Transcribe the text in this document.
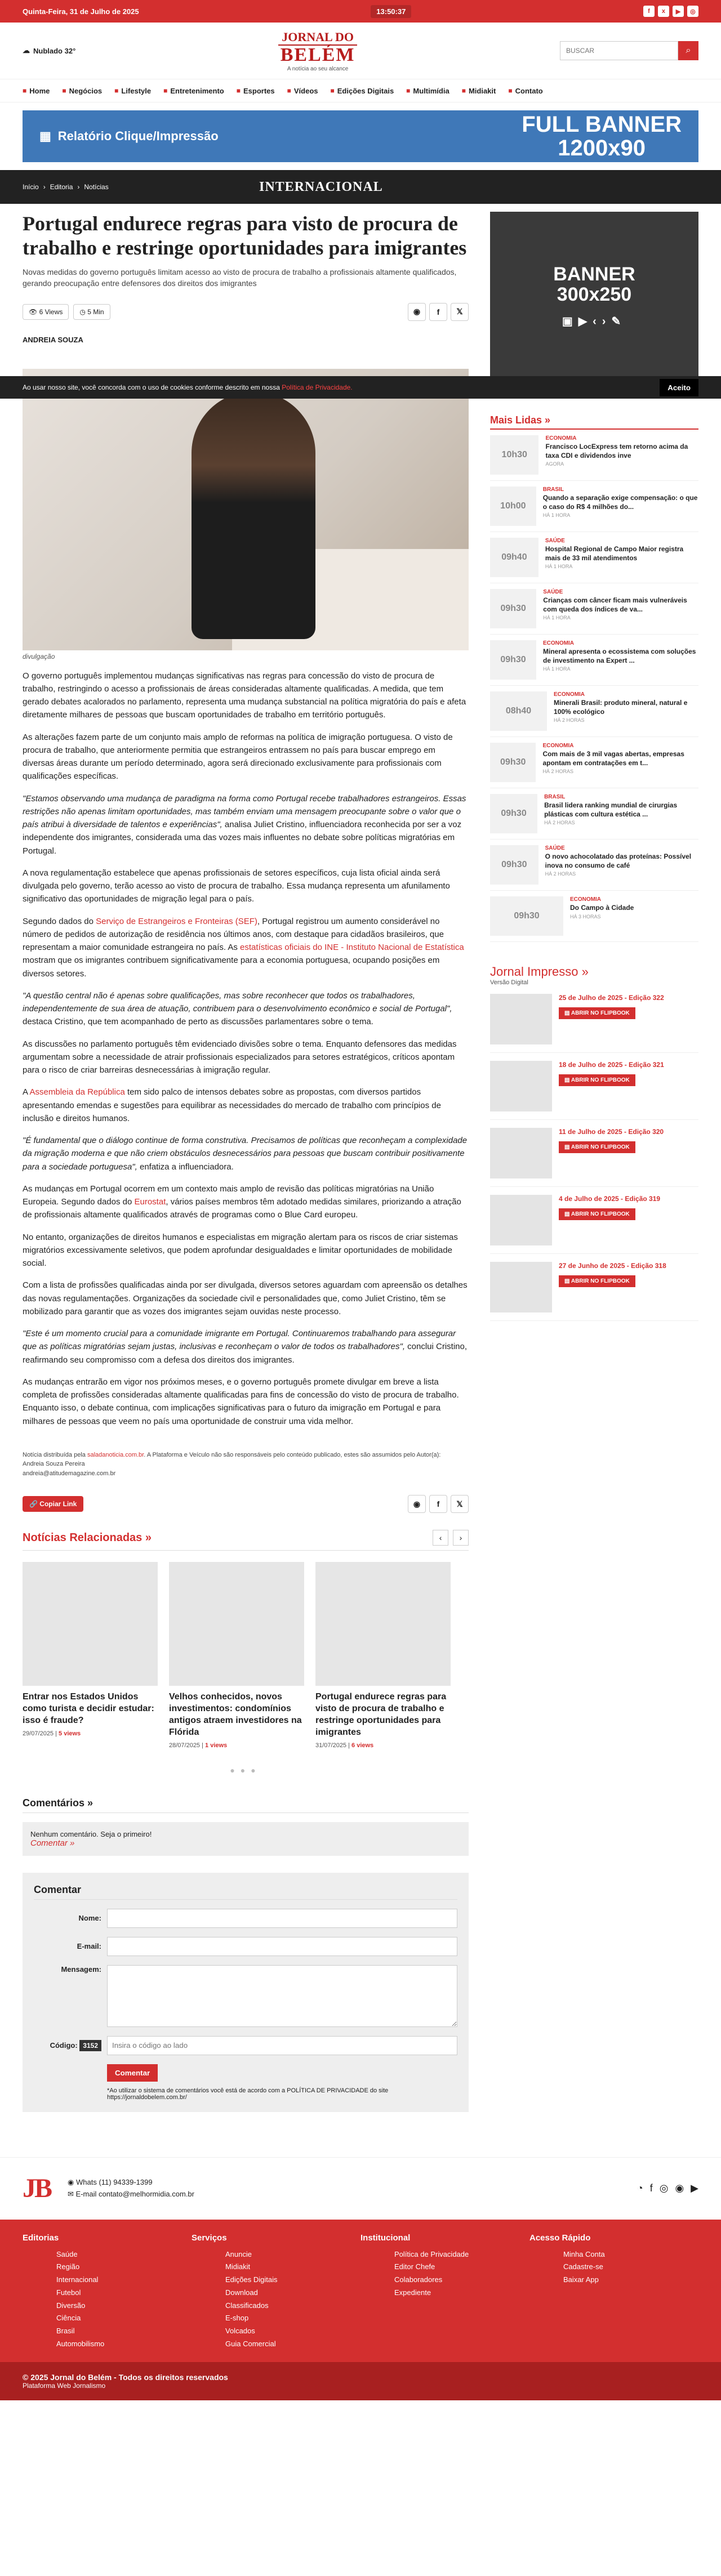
Quinta-Feira, 31 de Julho de 2025	13:50:37	f	x	▶	◎
☁ Nublado 32°
JORNAL DO
BELÉM
A notícia ao seu alcance
BUSCAR
⌕
■ Home ■ Negócios ■ Lifestyle ■ Entretenimento ■ Esportes ■ Vídeos ■ Edições Digitais ■ Multimídia ■ Midiakit ■ Contato
▦ Relatório Clique/Impressão	FULL BANNER
1200x90
Início › Editoria › Notícias	INTERNACIONAL
Ao usar nosso site, você concorda com o uso de cookies conforme descrito em nossa Política de Privacidade.	Aceito
Portugal endurece regras para visto de procura de trabalho e restringe oportunidades para imigrantes

Novas medidas do governo português limitam acesso ao visto de procura de trabalho a profissionais altamente qualificados, gerando preocupação entre defensores dos direitos dos imigrantes

👁 6 Views	◷ 5 Min	◉	f	𝕏
ANDREIA SOUZA
divulgação

O governo português implementou mudanças significativas nas regras para concessão do visto de procura de trabalho, restringindo o acesso a profissionais de áreas consideradas altamente qualificadas. A medida, que tem gerado debates acalorados no parlamento, representa uma mudança substancial na política migratória do país e afeta diretamente milhares de pessoas que buscam oportunidades de trabalho em território português.

As alterações fazem parte de um conjunto mais amplo de reformas na política de imigração portuguesa. O visto de procura de trabalho, que anteriormente permitia que estrangeiros entrassem no país para buscar emprego em diversas áreas durante um período determinado, agora será direcionado exclusivamente para profissionais com qualificações específicas.

"Estamos observando uma mudança de paradigma na forma como Portugal recebe trabalhadores estrangeiros. Essas restrições não apenas limitam oportunidades, mas também enviam uma mensagem preocupante sobre o valor que o país atribui à diversidade de talentos e experiências", analisa Juliet Cristino, influenciadora reconhecida por ser a voz independente dos imigrantes, considerada uma das vozes mais influentes no debate sobre políticas migratórias em Portugal.

A nova regulamentação estabelece que apenas profissionais de setores específicos, cuja lista oficial ainda será divulgada pelo governo, terão acesso ao visto de procura de trabalho. Essa mudança representa um afunilamento significativo das oportunidades de migração legal para o país.

Segundo dados do Serviço de Estrangeiros e Fronteiras (SEF), Portugal registrou um aumento considerável no número de pedidos de autorização de residência nos últimos anos, com destaque para cidadãos brasileiros, que representam a maior comunidade estrangeira no país. As estatísticas oficiais do INE - Instituto Nacional de Estatística mostram que os imigrantes contribuem significativamente para a economia portuguesa, ocupando posições em diversos setores.

"A questão central não é apenas sobre qualificações, mas sobre reconhecer que todos os trabalhadores, independentemente de sua área de atuação, contribuem para o desenvolvimento econômico e social de Portugal", destaca Cristino, que tem acompanhado de perto as discussões parlamentares sobre o tema.

As discussões no parlamento português têm evidenciado divisões sobre o tema. Enquanto defensores das medidas argumentam sobre a necessidade de atrair profissionais especializados para setores estratégicos, críticos apontam para o risco de criar barreiras desnecessárias à imigração regular.

A Assembleia da República tem sido palco de intensos debates sobre as propostas, com diversos partidos apresentando emendas e sugestões para equilibrar as necessidades do mercado de trabalho com princípios de inclusão e direitos humanos.

"É fundamental que o diálogo continue de forma construtiva. Precisamos de políticas que reconheçam a complexidade da migração moderna e que não criem obstáculos desnecessários para pessoas que buscam contribuir positivamente para a sociedade portuguesa", enfatiza a influenciadora.

As mudanças em Portugal ocorrem em um contexto mais amplo de revisão das políticas migratórias na União Europeia. Segundo dados do Eurostat, vários países membros têm adotado medidas similares, priorizando a atração de profissionais altamente qualificados através de programas como o Blue Card europeu.

No entanto, organizações de direitos humanos e especialistas em migração alertam para os riscos de criar sistemas migratórios excessivamente seletivos, que podem aprofundar desigualdades e limitar oportunidades de mobilidade social.

Com a lista de profissões qualificadas ainda por ser divulgada, diversos setores aguardam com apreensão os detalhes das novas regulamentações. Organizações da sociedade civil e personalidades que, como Juliet Cristino, têm se mobilizado para garantir que as vozes dos imigrantes sejam ouvidas neste processo.

"Este é um momento crucial para a comunidade imigrante em Portugal. Continuaremos trabalhando para assegurar que as políticas migratórias sejam justas, inclusivas e reconheçam o valor de todos os trabalhadores", conclui Cristino, reafirmando seu compromisso com a defesa dos direitos dos imigrantes.

As mudanças entrarão em vigor nos próximos meses, e o governo português promete divulgar em breve a lista completa de profissões consideradas altamente qualificadas para fins de concessão do visto de procura de trabalho. Enquanto isso, o debate continua, com implicações significativas para o futuro da imigração em Portugal e para milhares de pessoas que veem no país uma oportunidade de construir uma vida melhor.

Notícia distribuída pela saladanoticia.com.br. A Plataforma e Veículo não são responsáveis pelo conteúdo publicado, estes são assumidos pelo Autor(a):
Andreia Souza Pereira
andreia@atitudemagazine.com.br
🔗 Copiar Link	◉	f	𝕏
Notícias Relacionadas »	‹ ›
Entrar nos Estados Unidos como turista e decidir estudar: isso é fraude?
29/07/2025 | 5 views
Velhos conhecidos, novos investimentos: condomínios antigos atraem investidores na Flórida
28/07/2025 | 1 views
Portugal endurece regras para visto de procura de trabalho e restringe oportunidades para imigrantes
31/07/2025 | 6 views
●●●
Comentários »
Nenhum comentário. Seja o primeiro!
Comentar »
Comentar
Nome:
E-mail:
Mensagem:
Código: 3152
Insira o código ao lado
Comentar
*Ao utilizar o sistema de comentários você está de acordo com a POLÍTICA DE PRIVACIDADE do site https://jornaldobelem.com.br/
BANNER
300x250
▣▶‹›✎
Mais Lidas »
10h30
ECONOMIA
Francisco LocExpress tem retorno acima da taxa CDI e dividendos inve
AGORA
10h00
BRASIL
Quando a separação exige compensação: o que o caso do R$ 4 milhões do...
HÁ 1 HORA
09h40
SAÚDE
Hospital Regional de Campo Maior registra mais de 33 mil atendimentos
HÁ 1 HORA
09h30
SAÚDE
Crianças com câncer ficam mais vulneráveis com queda dos índices de va...
HÁ 1 HORA
09h30
ECONOMIA
Mineral apresenta o ecossistema com soluções de investimento na Expert ...
HÁ 1 HORA
08h40
ECONOMIA
Minerali Brasil: produto mineral, natural e 100% ecológico
HÁ 2 HORAS
09h30
ECONOMIA
Com mais de 3 mil vagas abertas, empresas apontam em contratações em t...
HÁ 2 HORAS
09h30
BRASIL
Brasil lidera ranking mundial de cirurgias plásticas com cultura estética ...
HÁ 2 HORAS
09h30
SAÚDE
O novo achocolatado das proteínas: Possível inova no consumo de café
HÁ 2 HORAS
09h30
ECONOMIA
Do Campo à Cidade
HÁ 3 HORAS
Jornal Impresso »
Versão Digital
25 de Julho de 2025 - Edição 322
▤ ABRIR NO FLIPBOOK
18 de Julho de 2025 - Edição 321
▤ ABRIR NO FLIPBOOK
11 de Julho de 2025 - Edição 320
▤ ABRIR NO FLIPBOOK
4 de Julho de 2025 - Edição 319
▤ ABRIR NO FLIPBOOK
27 de Junho de 2025 - Edição 318
▤ ABRIR NO FLIPBOOK
JB ◉ Whats (11) 94339-1399
✉ E-mail contato@melhormidia.com.br	◔ f ◎ ◉ ▶
Editorias
Saúde
Região
Internacional
Futebol
Diversão
Ciência
Brasil
Automobilismo
Serviços
Anuncie
Midiakit
Edições Digitais
Download
Classificados
E-shop
Volcados
Guia Comercial
Institucional
Política de Privacidade
Editor Chefe
Colaboradores
Expediente
Acesso Rápido
Minha Conta
Cadastre-se
Baixar App
© 2025 Jornal do Belém - Todos os direitos reservados
Plataforma Web Jornalismo
